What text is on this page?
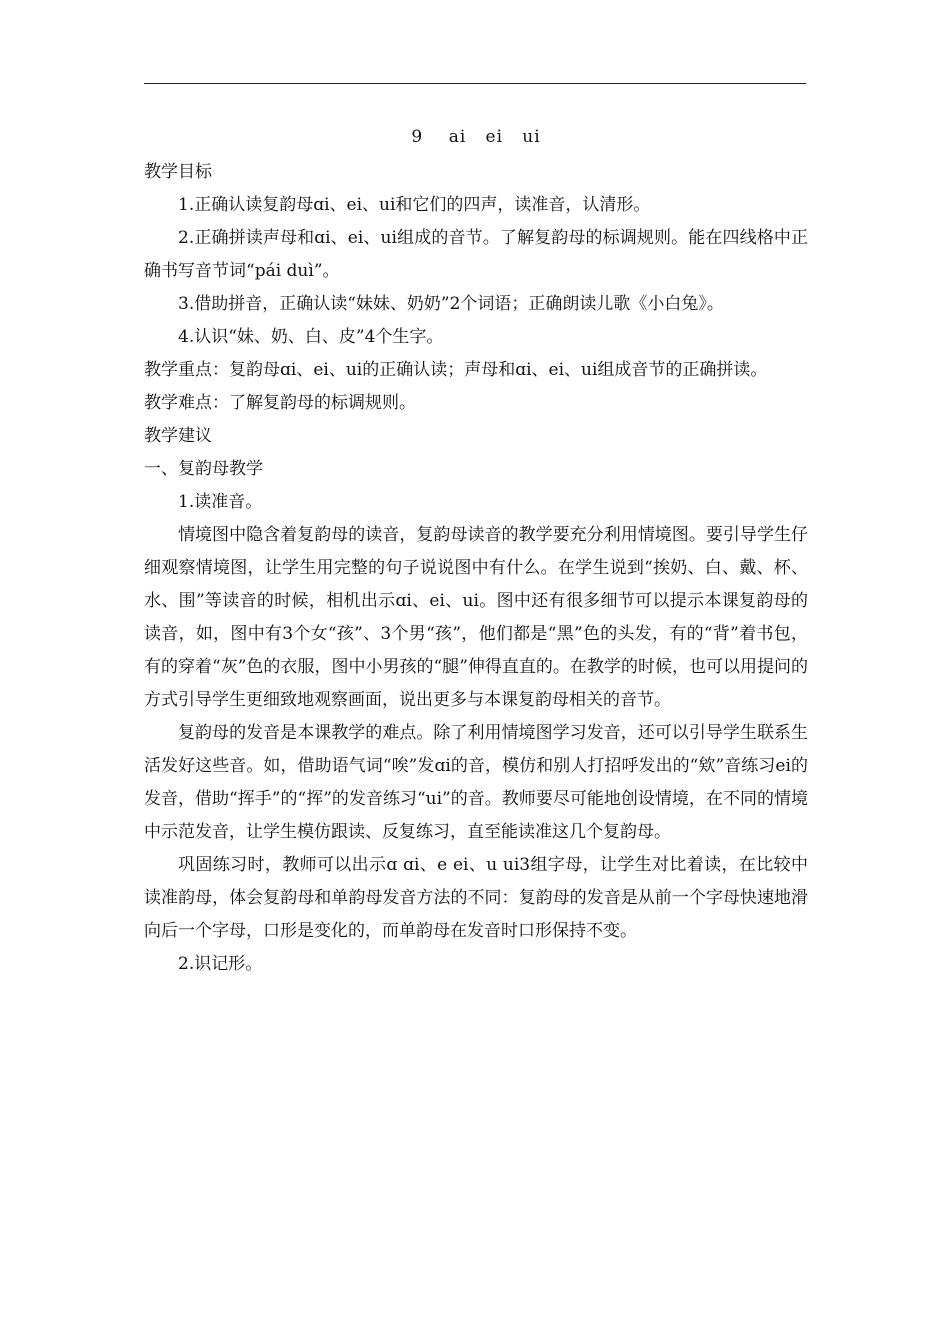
9    ai   ei   ui
教学目标

1.正确认读复韵母ɑi、ei、ui和它们的四声，读准音，认清形。

2.正确拼读声母和ɑi、ei、ui组成的音节。了解复韵母的标调规则。能在四线格中正确书写音节词“pái duì”。

3.借助拼音，正确认读“妹妹、奶奶”2个词语；正确朗读儿歌《小白兔》。

4.认识“妹、奶、白、皮”4个生字。

教学重点：复韵母ɑi、ei、ui的正确认读；声母和ɑi、ei、ui组成音节的正确拼读。

教学难点：了解复韵母的标调规则。

教学建议
一、复韵母教学

1.读准音。

情境图中隐含着复韵母的读音，复韵母读音的教学要充分利用情境图。要引导学生仔细观察情境图，让学生用完整的句子说说图中有什么。在学生说到“挨奶、白、戴、杯、水、围”等读音的时候，相机出示ɑi、ei、ui。图中还有很多细节可以提示本课复韵母的读音，如，图中有3个女“孩”、3个男“孩”，他们都是“黑”色的头发，有的“背”着书包，有的穿着“灰”色的衣服，图中小男孩的“腿”伸得直直的。在教学的时候，也可以用提问的方式引导学生更细致地观察画面，说出更多与本课复韵母相关的音节。

复韵母的发音是本课教学的难点。除了利用情境图学习发音，还可以引导学生联系生活发好这些音。如，借助语气词“唉”发ɑi的音，模仿和别人打招呼发出的“欸”音练习ei的发音，借助“挥手”的“挥”的发音练习“ui”的音。教师要尽可能地创设情境，在不同的情境中示范发音，让学生模仿跟读、反复练习，直至能读准这几个复韵母。

巩固练习时，教师可以出示ɑ ɑi、e ei、u ui3组字母，让学生对比着读，在比较中读准韵母，体会复韵母和单韵母发音方法的不同：复韵母的发音是从前一个字母快速地滑向后一个字母，口形是变化的，而单韵母在发音时口形保持不变。

2.识记形。
